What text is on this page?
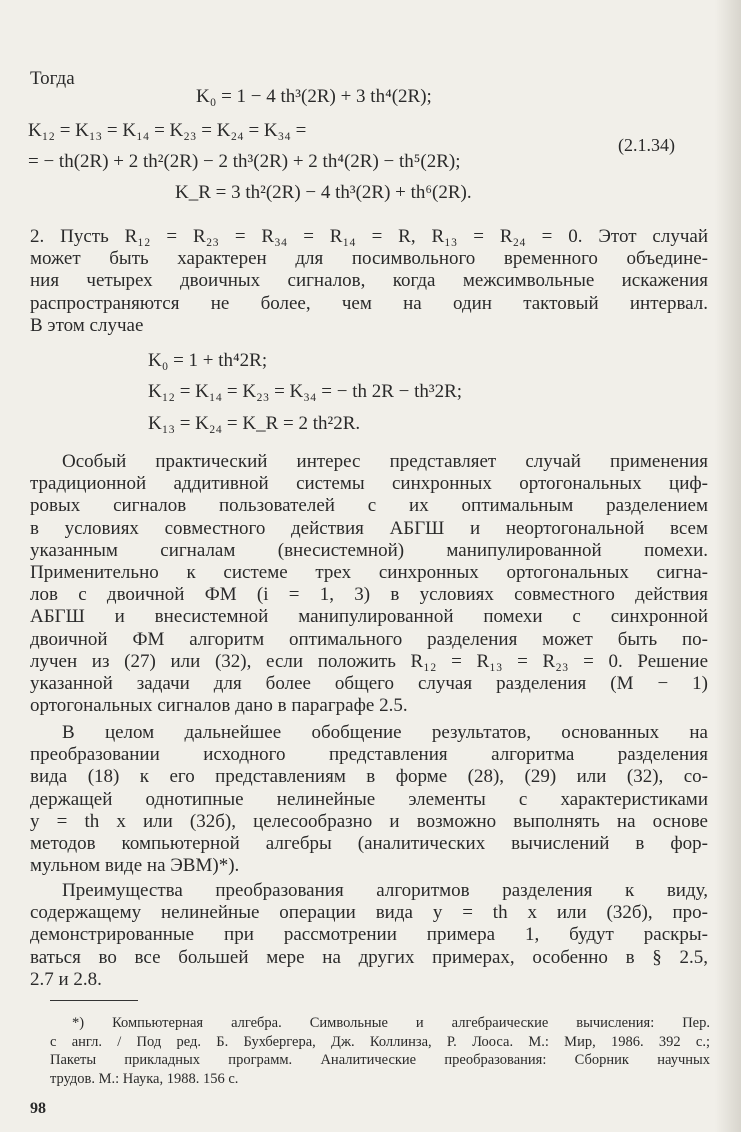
Тогда
K₀ = 1 − 4 th³(2R) + 3 th⁴(2R);
K₁₂ = K₁₃ = K₁₄ = K₂₃ = K₂₄ = K₃₄ =
= − th(2R) + 2 th²(2R) − 2 th³(2R) + 2 th⁴(2R) − th⁵(2R);
(2.1.34)
K_R = 3 th²(2R) − 4 th³(2R) + th⁶(2R).
2. Пусть R₁₂ = R₂₃ = R₃₄ = R₁₄ = R, R₁₃ = R₂₄ = 0. Этот случай
может быть характерен для посимвольного временного объедине-
ния четырех двоичных сигналов, когда межсимвольные искажения
распространяются не более, чем на один тактовый интервал.
В этом случае
K₀ = 1 + th⁴2R;
K₁₂ = K₁₄ = K₂₃ = K₃₄ = − th 2R − th³2R;
K₁₃ = K₂₄ = K_R = 2 th²2R.
Особый практический интерес представляет случай применения
традиционной аддитивной системы синхронных ортогональных циф-
ровых сигналов пользователей с их оптимальным разделением
в условиях совместного действия АБГШ и неортогональной всем
указанным сигналам (внесистемной) манипулированной помехи.
Применительно к системе трех синхронных ортогональных сигна-
лов с двоичной ФМ (i = 1, 3) в условиях совместного действия
АБГШ и внесистемной манипулированной помехи с синхронной
двоичной ФМ алгоритм оптимального разделения может быть по-
лучен из (27) или (32), если положить R₁₂ = R₁₃ = R₂₃ = 0. Решение
указанной задачи для более общего случая разделения (M − 1)
ортогональных сигналов дано в параграфе 2.5.
В целом дальнейшее обобщение результатов, основанных на
преобразовании исходного представления алгоритма разделения
вида (18) к его представлениям в форме (28), (29) или (32), со-
держащей однотипные нелинейные элементы с характеристиками
y = th x или (32б), целесообразно и возможно выполнять на основе
методов компьютерной алгебры (аналитических вычислений в фор-
мульном виде на ЭВМ)*).
Преимущества преобразования алгоритмов разделения к виду,
содержащему нелинейные операции вида y = th x или (32б), про-
демонстрированные при рассмотрении примера 1, будут раскры-
ваться во все большей мере на других примерах, особенно в § 2.5,
2.7 и 2.8.
*) Компьютерная алгебра. Символьные и алгебраические вычисления: Пер.
с англ. / Под ред. Б. Бухбергера, Дж. Коллинза, Р. Лооса. М.: Мир, 1986. 392 с.;
Пакеты прикладных программ. Аналитические преобразования: Сборник научных
трудов. М.: Наука, 1988. 156 с.
98
